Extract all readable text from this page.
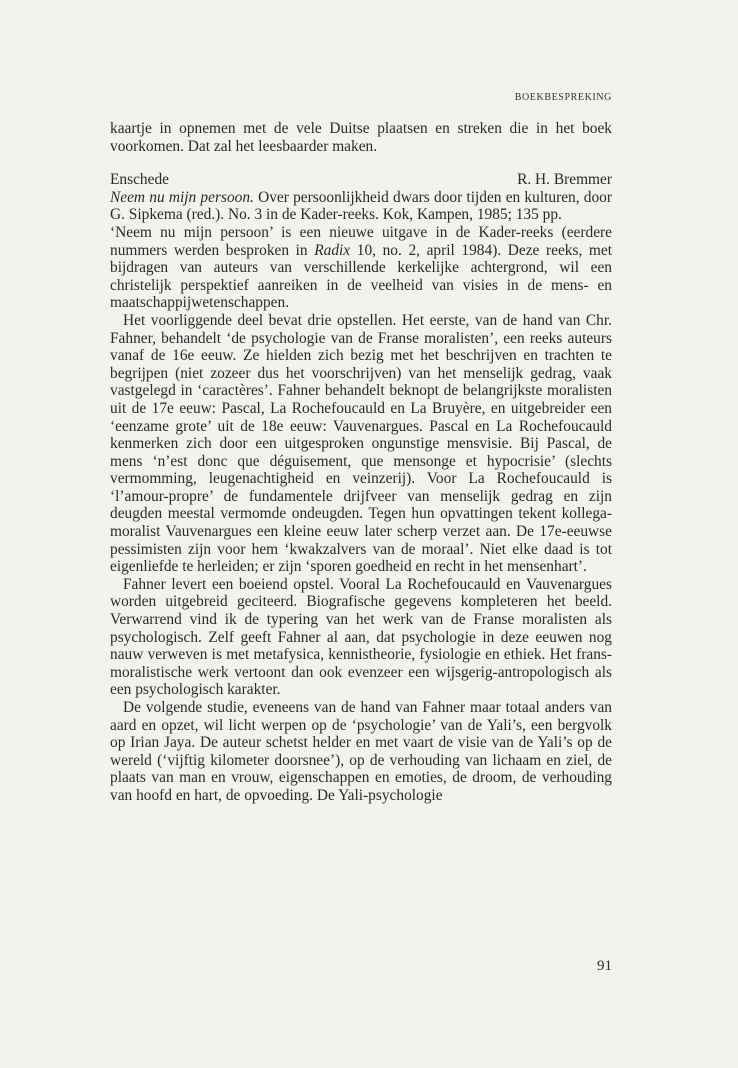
BOEKBESPREKING

kaartje in opnemen met de vele Duitse plaatsen en streken die in het boek voorkomen. Dat zal het leesbaarder maken.

Enschede	R. H. Bremmer

Neem nu mijn persoon. Over persoonlijkheid dwars door tijden en kulturen, door G. Sipkema (red.). No. 3 in de Kader-reeks. Kok, Kampen, 1985; 135 pp.

‘Neem nu mijn persoon’ is een nieuwe uitgave in de Kader-reeks (eerdere nummers werden besproken in Radix 10, no. 2, april 1984). Deze reeks, met bijdragen van auteurs van verschillende kerkelijke achtergrond, wil een christelijk perspektief aanreiken in de veelheid van visies in de mens- en maatschappijwetenschappen.

Het voorliggende deel bevat drie opstellen. Het eerste, van de hand van Chr. Fahner, behandelt ‘de psychologie van de Franse moralisten’, een reeks auteurs vanaf de 16e eeuw. Ze hielden zich bezig met het beschrijven en trachten te begrijpen (niet zozeer dus het voorschrijven) van het menselijk gedrag, vaak vastgelegd in ‘caractères’. Fahner behandelt beknopt de belangrijkste moralisten uit de 17e eeuw: Pascal, La Rochefoucauld en La Bruyère, en uitgebreider een ‘eenzame grote’ uit de 18e eeuw: Vauvenargues. Pascal en La Rochefoucauld kenmerken zich door een uitgesproken ongunstige mensvisie. Bij Pascal, de mens ‘n’est donc que déguisement, que mensonge et hypocrisie’ (slechts vermomming, leugenachtigheid en veinzerij). Voor La Rochefoucauld is ‘l’amour-propre’ de fundamentele drijfveer van menselijk gedrag en zijn deugden meestal vermomde ondeugden. Tegen hun opvattingen tekent kollega-moralist Vauvenargues een kleine eeuw later scherp verzet aan. De 17e-eeuwse pessimisten zijn voor hem ‘kwakzalvers van de moraal’. Niet elke daad is tot eigenliefde te herleiden; er zijn ‘sporen goedheid en recht in het mensenhart’.

Fahner levert een boeiend opstel. Vooral La Rochefoucauld en Vauvenargues worden uitgebreid geciteerd. Biografische gegevens kompleteren het beeld. Verwarrend vind ik de typering van het werk van de Franse moralisten als psychologisch. Zelf geeft Fahner al aan, dat psychologie in deze eeuwen nog nauw verweven is met metafysica, kennistheorie, fysiologie en ethiek. Het frans-moralistische werk vertoont dan ook evenzeer een wijsgerig-antropologisch als een psychologisch karakter.

De volgende studie, eveneens van de hand van Fahner maar totaal anders van aard en opzet, wil licht werpen op de ‘psychologie’ van de Yali’s, een bergvolk op Irian Jaya. De auteur schetst helder en met vaart de visie van de Yali’s op de wereld (‘vijftig kilometer doorsnee’), op de verhouding van lichaam en ziel, de plaats van man en vrouw, eigenschappen en emoties, de droom, de verhouding van hoofd en hart, de opvoeding. De Yali-psychologie

91
